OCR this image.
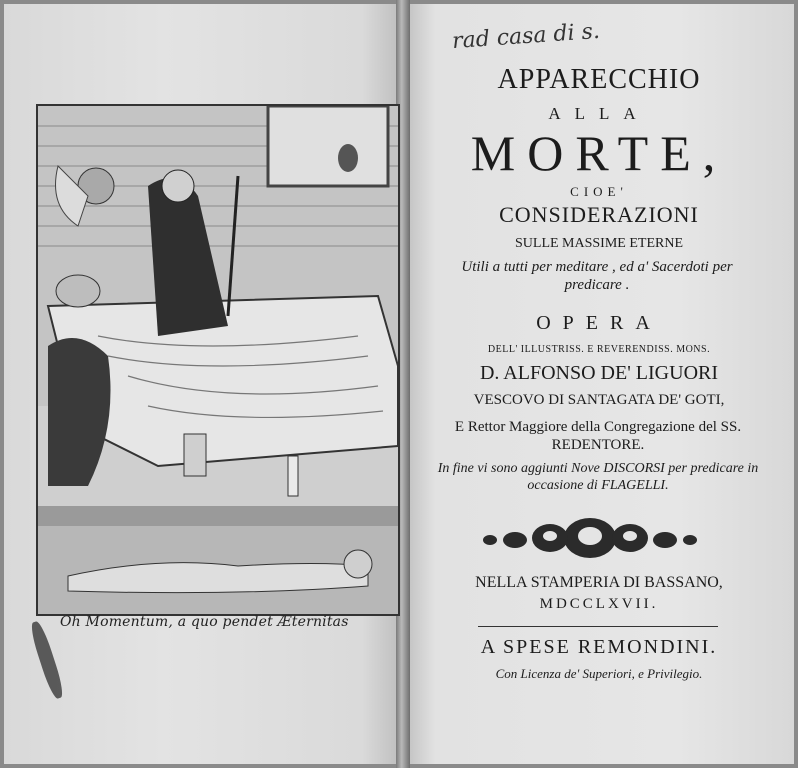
Oh Momentum, a quo pendet Æternitas
rad casa di s.
APPARECCHIO
ALLA
MORTE,
CIOE'
CONSIDERAZIONI
SULLE MASSIME ETERNE
Utili a tutti per meditare , ed a' Sacerdoti per predicare .
OPERA
DELL' ILLUSTRISS. E REVERENDISS. MONS.
D. ALFONSO DE' LIGUORI
VESCOVO DI SANTAGATA DE' GOTI,
E Rettor Maggiore della Congregazione del SS. REDENTORE.
In fine vi sono aggiunti Nove DISCORSI per predicare in occasione di FLAGELLI.
NELLA STAMPERIA DI BASSANO,
MDCCLXVII.
A SPESE REMONDINI.
Con Licenza de' Superiori, e Privilegio.
